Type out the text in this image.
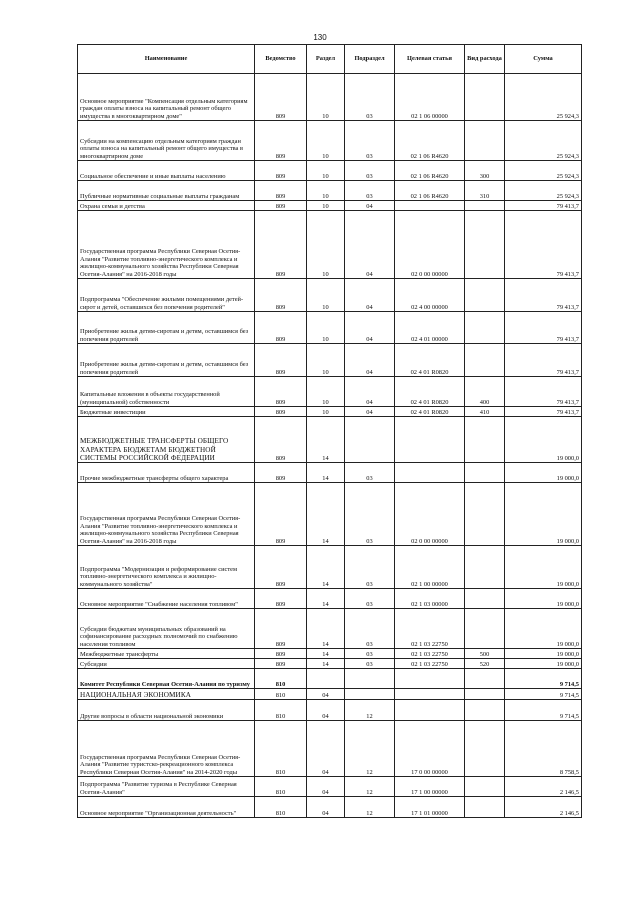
130
Наименование	Ведомство	Раздел	Подраздел	Целевая статья	Вид расхода	Сумма
Основное мероприятие "Компенсация отдельным категориям граждан оплаты взноса на капитальный ремонт общего имущества в многоквартирном доме"	809	10	03	02 1 06 00000		25 924,3
Субсидии на компенсацию отдельным категориям граждан оплаты взноса на капитальный ремонт общего имущества в многоквартирном доме	809	10	03	02 1 06 R4620		25 924,3
Социальное обеспечение и иные выплаты населению	809	10	03	02 1 06 R4620	300	25 924,3
Публичные нормативные социальные выплаты гражданам	809	10	03	02 1 06 R4620	310	25 924,3
Охрана семьи и детства	809	10	04			79 413,7
Государственная программа Республики Северная Осетия-Алания "Развитие топливно-энергетического комплекса и жилищно-коммунального хозяйства Республики Северная Осетия-Алания" на 2016-2018 годы	809	10	04	02 0 00 00000		79 413,7
Подпрограмма "Обеспечение жилыми помещениями детей-сирот и детей, оставшихся без попечения родителей"	809	10	04	02 4 00 00000		79 413,7
Приобретение жилья детям-сиротам и детям, оставшимся без попечения родителей	809	10	04	02 4 01 00000		79 413,7
Приобретение жилья детям-сиротам и детям, оставшимся без попечения родителей	809	10	04	02 4 01 R0820		79 413,7
Капитальные вложения в объекты государственной (муниципальной) собственности	809	10	04	02 4 01 R0820	400	79 413,7
Бюджетные инвестиции	809	10	04	02 4 01 R0820	410	79 413,7
МЕЖБЮДЖЕТНЫЕ ТРАНСФЕРТЫ ОБЩЕГО ХАРАКТЕРА БЮДЖЕТАМ БЮДЖЕТНОЙ СИСТЕМЫ РОССИЙСКОЙ ФЕДЕРАЦИИ	809	14				19 000,0
Прочие межбюджетные трансферты общего характера	809	14	03			19 000,0
Государственная программа Республики Северная Осетия-Алания "Развитие топливно-энергетического комплекса и жилищно-коммунального хозяйства Республики Северная Осетия-Алания" на 2016-2018 годы	809	14	03	02 0 00 00000		19 000,0
Подпрограмма "Модернизация и реформирование систем топливно-энергетического комплекса и жилищно-коммунального хозяйства"	809	14	03	02 1 00 00000		19 000,0
Основное мероприятие "Снабжение населения топливом"	809	14	03	02 1 03 00000		19 000,0
Субсидии бюджетам муниципальных образований на софинансирование расходных полномочий по снабжению населения топливом	809	14	03	02 1 03 22750		19 000,0
Межбюджетные трансферты	809	14	03	02 1 03 22750	500	19 000,0
Субсидии	809	14	03	02 1 03 22750	520	19 000,0
Комитет Республики Северная Осетия-Алания по туризму	810					9 714,5
НАЦИОНАЛЬНАЯ ЭКОНОМИКА	810	04				9 714,5
Другие вопросы в области национальной экономики	810	04	12			9 714,5
Государственная программа Республики Северная Осетия-Алания "Развитие туристско-рекреационного комплекса Республики Северная Осетия-Алания" на 2014-2020 годы	810	04	12	17 0 00 00000		8 758,5
Подпрограмма "Развитие туризма в Республике Северная Осетия-Алания"	810	04	12	17 1 00 00000		2 146,5
Основное мероприятие "Организационная деятельность"	810	04	12	17 1 01 00000		2 146,5
